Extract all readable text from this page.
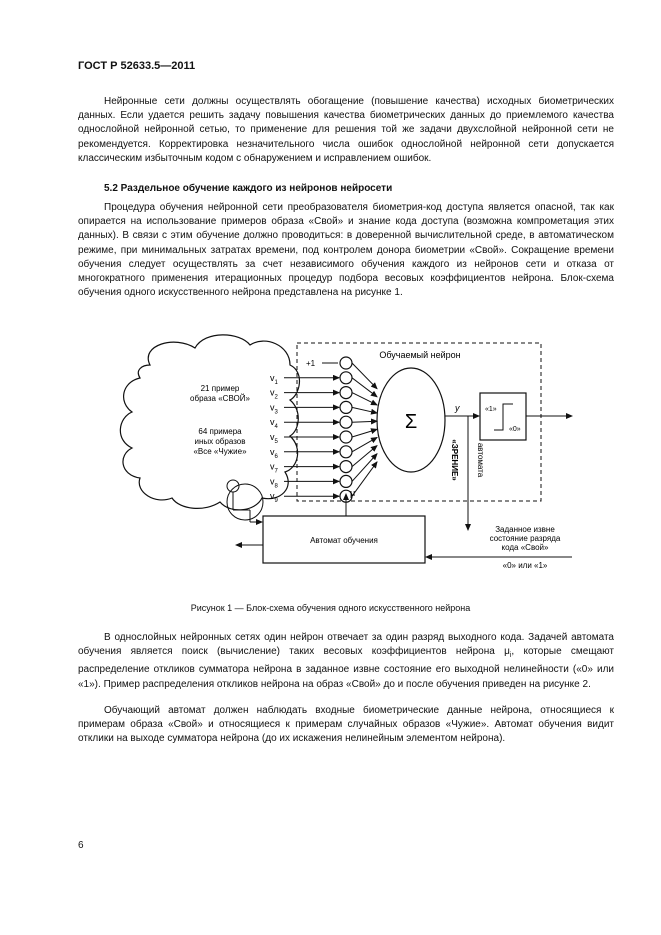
ГОСТ Р 52633.5—2011

Нейронные сети должны осуществлять обогащение (повышение качества) исходных биометрических данных. Если удается решить задачу повышения качества биометрических данных до приемлемого качества однослойной нейронной сетью, то применение для решения той же задачи двухслойной нейронной сети не рекомендуется. Корректировка незначительного числа ошибок однослойной нейронной сети допускается классическим избыточным кодом с обнаружением и исправлением ошибок.

5.2 Раздельное обучение каждого из нейронов нейросети

Процедура обучения нейронной сети преобразователя биометрия-код доступа является опасной, так как опирается на использование примеров образа «Свой» и знание кода доступа (возможна компрометация этих данных). В связи с этим обучение должно проводиться: в доверенной вычислительной среде, в автоматическом режиме, при минимальных затратах времени, под контролем донора биометрии «Свой». Сокращение времени обучения следует осуществлять за счет независимого обучения каждого из нейронов сети и отказа от многократного применения итерационных процедур подбора весовых коэффициентов нейрона. Блок-схема обучения одного искусственного нейрона представлена на рисунке 1.

21 пример
образа «СВОЙ»
64 примера
иных образов
«Все «Чужие»
Обучаемый нейрон
+1
$v_1$
$v_2$
$v_3$
$v_4$
$v_5$
$v_6$
$v_7$
$v_8$
$v_9$
Σ
y	«1»
«0»
«ЗРЕНИЕ» автомата
Автомат обучения
μ
Заданное извне
состояние разряда
кода «Свой»
«0» или «1»
Рисунок 1 — Блок-схема обучения одного искусственного нейрона

В однослойных нейронных сетях один нейрон отвечает за один разряд выходного кода. Задачей автомата обучения является поиск (вычисление) таких весовых коэффициентов нейрона $\mu_i$, которые смещают распределение откликов сумматора нейрона в заданное извне состояние его выходной нелинейности («0» или «1»). Пример распределения откликов нейрона на образ «Свой» до и после обучения приведен на рисунке 2.

Обучающий автомат должен наблюдать входные биометрические данные нейрона, относящиеся к примерам образа «Свой» и относящиеся к примерам случайных образов «Чужие». Автомат обучения видит отклики на выходе сумматора нейрона (до их искажения нелинейным элементом нейрона).

6
